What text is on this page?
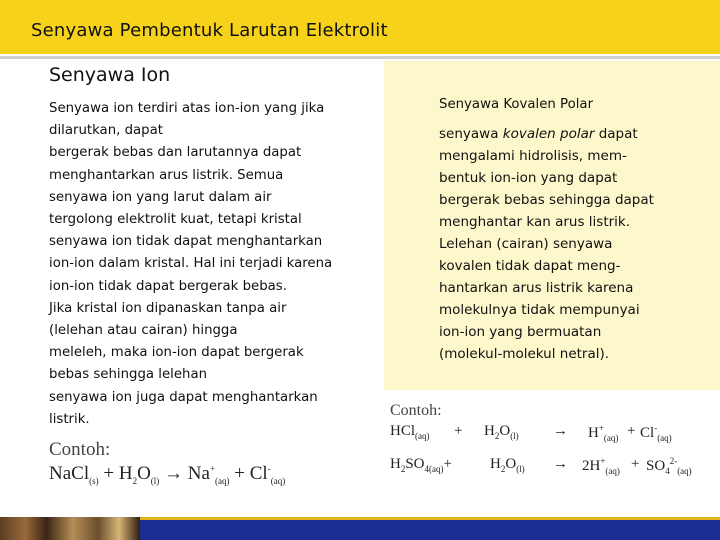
Senyawa Pembentuk Larutan Elektrolit
Senyawa Ion
Senyawa ion terdiri atas ion-ion yang jika
dilarutkan, dapat
bergerak bebas dan larutannya dapat
menghantarkan arus listrik. Semua
senyawa ion yang larut dalam air
tergolong elektrolit kuat, tetapi kristal
senyawa ion tidak dapat menghantarkan
ion-ion dalam kristal. Hal ini terjadi karena
ion-ion tidak dapat bergerak bebas.
Jika kristal ion dipanaskan tanpa air
(lelehan atau cairan) hingga
meleleh, maka ion-ion dapat bergerak
bebas sehingga lelehan
senyawa ion juga dapat menghantarkan
listrik.
Contoh:
NaCl$_{(s)}$ + $H_2O_{(l)} \to Na^+_{(aq)} + Cl^-_{(aq)}$
Senyawa Kovalen Polar
senyawa kovalen polar dapat
mengalami hidrolisis, mem-
bentuk ion-ion yang dapat
bergerak bebas sehingga dapat
menghantar kan arus listrik.
Lelehan (cairan) senyawa
kovalen tidak dapat meng-
hantarkan arus listrik karena
molekulnya tidak mempunyai
ion-ion yang bermuatan
(molekul-molekul netral).
Contoh:
$HCl_{(aq)} + H_2O_{(l)} \to H^+_{(aq)} + Cl^-_{(aq)}$
$H_2SO_{4(aq)}+$	$H_2O_{(l)} \to 2H^+_{(aq)} + SO_4^{2-}_{(aq)}$
